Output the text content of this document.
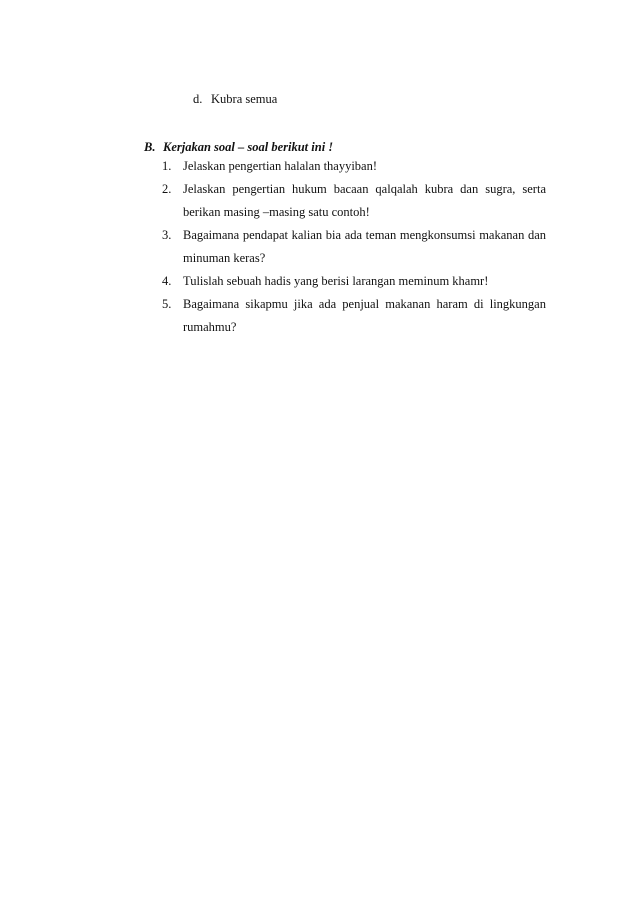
d. Kubra semua
B. Kerjakan soal – soal berikut ini !
1. Jelaskan pengertian halalan thayyiban!
2. Jelaskan pengertian hukum bacaan qalqalah kubra dan sugra, serta berikan masing –masing satu contoh!
3. Bagaimana pendapat kalian bia ada teman mengkonsumsi makanan dan minuman keras?
4. Tulislah sebuah hadis yang berisi larangan meminum khamr!
5. Bagaimana sikapmu jika ada penjual makanan haram di lingkungan rumahmu?
